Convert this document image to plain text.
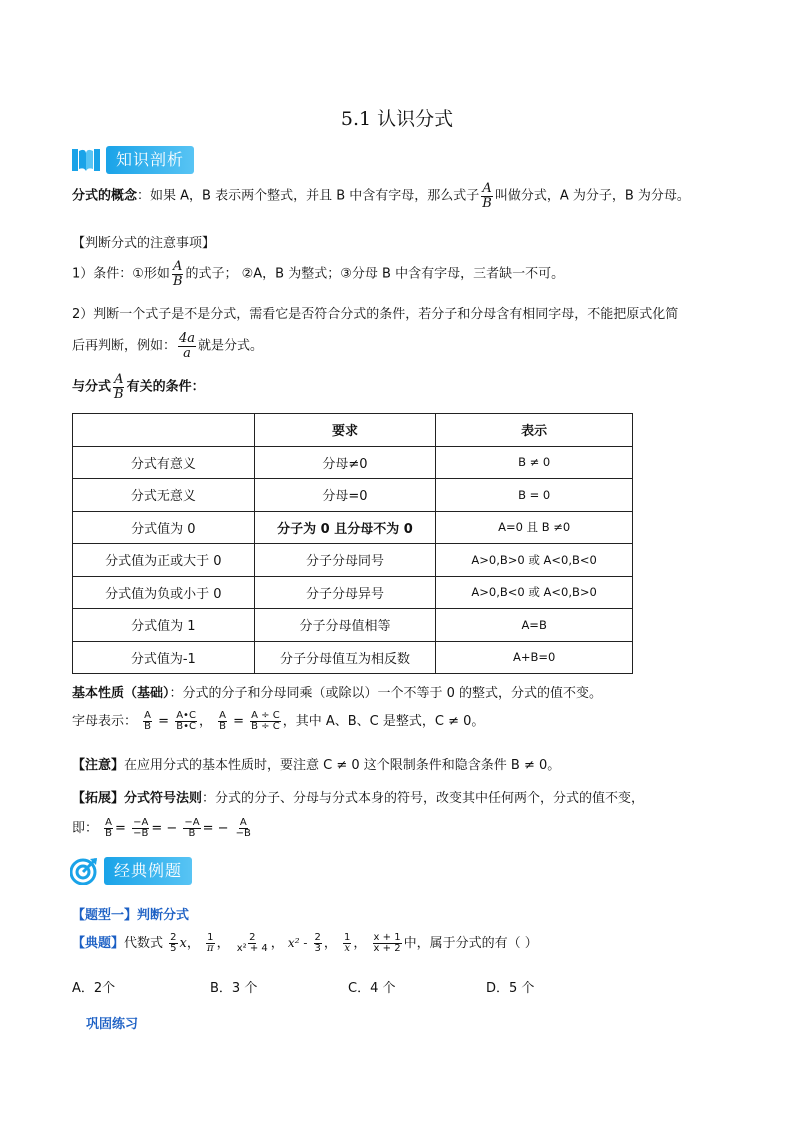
5.1 认识分式
知识剖析
分式的概念：如果 A，B 表示两个整式，并且 B 中含有字母，那么式子 $\frac{A}{B}$ 叫做分式，A 为分子，B 为分母。
【判断分式的注意事项】
1）条件：①形如 $\frac{A}{B}$ 的式子； ②A，B 为整式；③分母 B 中含有字母，三者缺一不可。
2）判断一个式子是不是分式，需看它是否符合分式的条件，若分子和分母含有相同字母，不能把原式化简
后再判断，例如： $\frac{4a}{a}$ 就是分式。
与分式 $\frac{A}{B}$ 有关的条件：
	要求	表示
分式有意义	分母≠0	B ≠ 0
分式无意义	分母=0	B = 0
分式值为 0	分子为 0 且分母不为 0	A=0 且 B ≠0
分式值为正或大于 0	分子分母同号	A>0,B>0 或 A<0,B<0
分式值为负或小于 0	分子分母异号	A>0,B<0 或 A<0,B>0
分式值为 1	分子分母值相等	A=B
分式值为-1	分子分母值互为相反数	A+B=0
基本性质（基础）：分式的分子和分母同乘（或除以）一个不等于 0 的整式，分式的值不变。
字母表示： $\frac{A}{B} = \frac{A•C}{B•C}$ ， $\frac{A}{B} = \frac{A \div C}{B \div C}$ ，其中 A、B、C 是整式，C ≠ 0。
【注意】在应用分式的基本性质时，要注意 C ≠ 0 这个限制条件和隐含条件 B ≠ 0。
【拓展】分式符号法则：分式的分子、分母与分式本身的符号，改变其中任何两个，分式的值不变，
即： $\frac{A}{B} = \frac{-A}{-B}$ = − $\frac{-A}{B}$ = − $\frac{A}{-B}$
经典例题
【题型一】判断分式
【典题】代数式 $\frac{2}{5}$ x， $\frac{1}{\pi}$ ， $\frac{2}{\text{x² + 4}}$ ， $x^2 - \frac{2}{3}$ ， $\frac{1}{x}$ ， $\frac{x + 1}{x + 2}$ 中，属于分式的有（ ）
A．2个	B．3 个	C．4 个	D．5 个
巩固练习
